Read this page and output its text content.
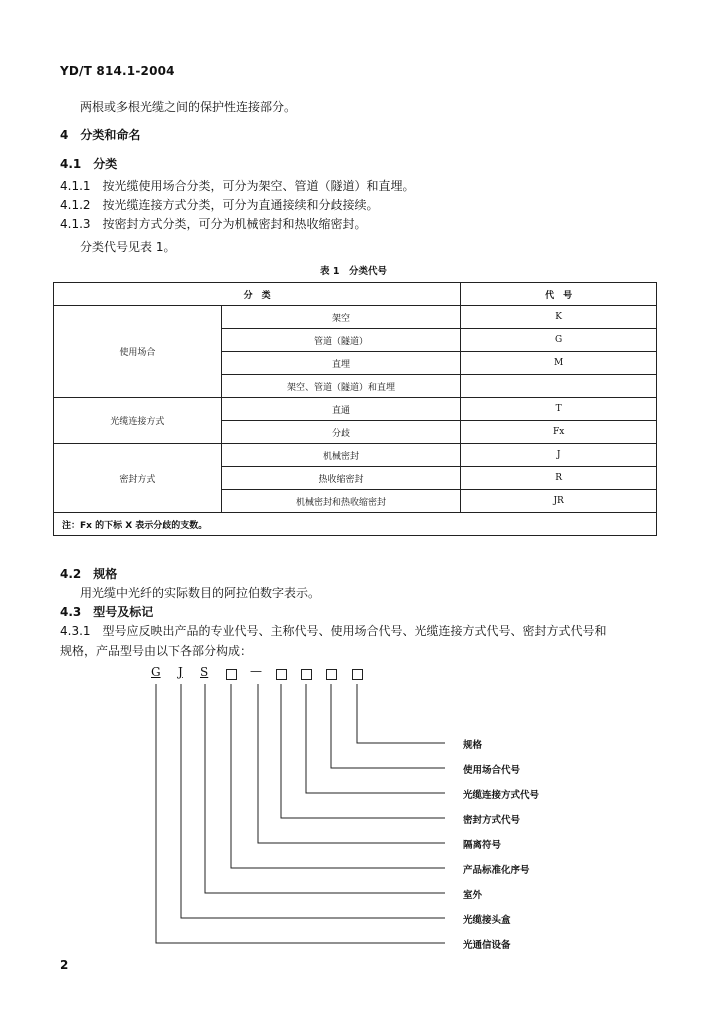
YD/T 814.1-2004
两根或多根光缆之间的保护性连接部分。
4　分类和命名
4.1　分类
4.1.1　按光缆使用场合分类，可分为架空、管道（隧道）和直埋。
4.1.2　按光缆连接方式分类，可分为直通接续和分歧接续。
4.1.3　按密封方式分类，可分为机械密封和热收缩密封。
分类代号见表 1。
表 1　分类代号
分　类		代　号
使用场合	架空	K
	管道（隧道）	G
	直埋	M
	架空、管道（隧道）和直埋	
光缆连接方式	直通	T
	分歧	Fx
密封方式	机械密封	J
	热收缩密封	R
	机械密封和热收缩密封	JR
注：Fx 的下标 X 表示分歧的支数。		
4.2　规格
用光缆中光纤的实际数目的阿拉伯数字表示。
4.3　型号及标记
4.3.1　型号应反映出产品的专业代号、主称代号、使用场合代号、光缆连接方式代号、密封方式代号和
规格，产品型号由以下各部分构成：
G J S	—
规格
使用场合代号
光缆连接方式代号
密封方式代号
隔离符号
产品标准化序号
室外
光缆接头盒
光通信设备
2
